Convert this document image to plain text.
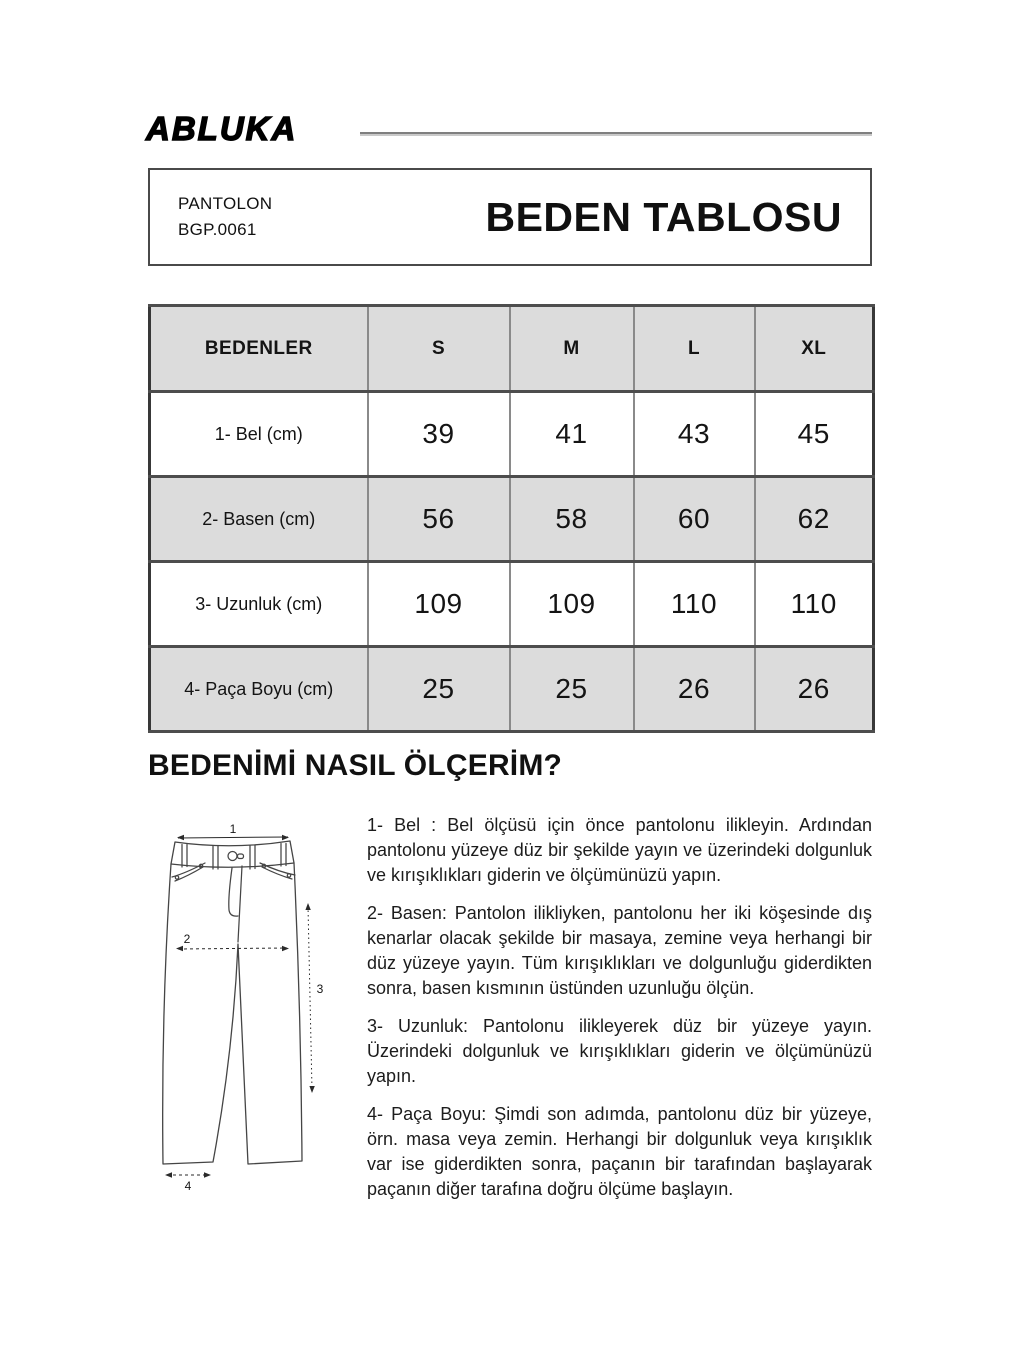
ABLUKA
PANTOLON
BGP.0061	BEDEN TABLOSU
BEDENLER	S	M	L	XL
1- Bel (cm)	39	41	43	45
2- Basen (cm)	56	58	60	62
3- Uzunluk (cm)	109	109	110	110
4- Paça Boyu (cm)	25	25	26	26
BEDENİMİ NASIL ÖLÇERİM?
1
2
3
4

1- Bel : Bel ölçüsü için önce pantolonu ilikleyin. Ardından pantolonu yüzeye düz bir şekilde yayın ve üzerindeki dolgunluk ve kırışıklıkları giderin ve ölçümünüzü yapın.

2- Basen: Pantolon ilikliyken, pantolonu her iki köşesinde dış kenarlar olacak şekilde bir masaya, zemine veya herhangi bir düz yüzeye yayın. Tüm kırışıklıkları ve dolgunluğu giderdikten sonra, basen kısmının üstünden uzunluğu ölçün.

3- Uzunluk: Pantolonu ilikleyerek düz bir yüzeye yayın. Üzerindeki dolgunluk ve kırışıklıkları giderin ve ölçümünüzü yapın.

4- Paça Boyu: Şimdi son adımda, pantolonu düz bir yüzeye, örn. masa veya zemin. Herhangi bir dolgunluk veya kırışıklık var ise giderdikten sonra, paçanın bir tarafından başlayarak paçanın diğer tarafına doğru ölçüme başlayın.
